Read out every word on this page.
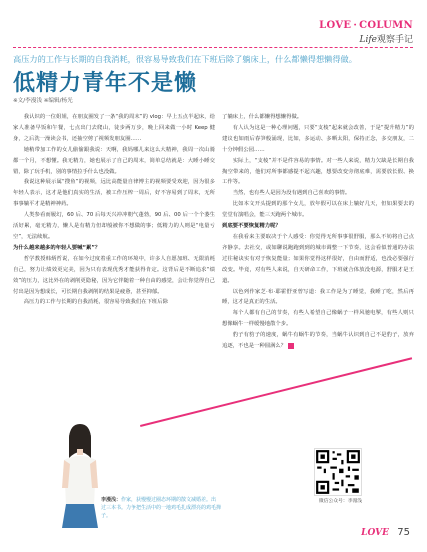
LOVE · COLUMN
Life观察手记
高压力的工作与长期的自我消耗，很容易导致我们在下班后除了躺床上，什么都懒得想懒得做。
低精力青年不是懒
※文/李漫浅 ※编辑/杨光

我认识的一位姐姐，在朋友圈发了一条“我的周末”的 vlog：早上五点半起床，给家人准备早饭和午餐，七点出门去爬山，徒步两万步，晚上回来做一小时 Keep 健身，之后洗一澡读会书，还抽空剪了视频发朋友圈……

她稍带加工作的女儿偷偷跟我说：天啊，我妈哪儿来这么大精神，我周一次山骑都一个月，不想懂。我无精力，她也展示了自己的周末，简单总结就是：大睡小睡交错，除了玩手机，别的事情拉手什么也没做。

我说这种展示属“搜鱼”的视频，远比高能量自律博主的视频要受欢迎，因为很多年轻人表示，这才是他们真实的生活，被工作压榨一周后，好不容易到了周末，无所事事躺平才是精神神药。

人类参看而履幻，60 后、70 后每天兴冲冲朝气蓬勃，90 后、00 后一个个萎生活好累，毫无精力，懒人是有精力但却般被你不想做的事；低精力的人则是“电量亏空”，无法续航。

为什么越来越多的年轻人要喊“累”？

哲学教授韩炳哲说，在如今过度着重工作的环境中，许多人自愿加班、无限消耗自己，努力让绩效更完美，因为只有表现优秀才能获得肯定。这背后是不断追求“绩效”的压力，这比外在的剥削更隐秘，因为它伴随着一种自由的感觉，会让你觉得自己付出是因为想成长，可长期自我剥削的结果是疲惫，甚至抑郁。

高压力的工作与长期的自我消耗，很容易导致我们在下班后除

了躺床上，什么都懒得想懒得做。

有人认为这是一种心理问题，只要“支棱”起来就会改善，于是“提升精力”的建议也如雨后春笋般涌现，比如，多运动、多晒太阳，保持正念，多交朋友，二十分钟假公园……

实际上，“支棱”并不是件容易的事情。对一些人来说，精力欠缺是长期自我掏空带来的，他们对所事都感提不起兴趣，想要改变旁彻底难，需要放长假、换工作等。

当然，也有些人是因为没有遇到自己喜欢的事情。

比如本文开头提到的那个女儿，放年假可以在床上躺好几天，但如果要去的堂堂有演唱会，能三天跑两个城市。

到底要不要恢复精力呢？

在我看来主要取决于个人感受：你觉得无所事事很舒服，那么不妨将自己点齐静享。去社交，或如聊说跑跑到到的城市调整一下节奏，这会看似普通的办法过往秘诀实有对于恢复能量；如果你觉得这样很好，自由而舒适，也没必要强行改变。毕竟，对有些人来说，自天研命工作，下班就合体放没电源，舒服才是王道。

以色列作家芝·布·耶霍舒亚曾写道：我工作是为了睡觉，我睡了吃，然后再睡，这才是真正的生活。

每个人都有自己的节奏，有些人希望自己像蜗子一样风驰电掣，有些人则只想像蜗牛一样缓慢地散个步。

豹子有豹子的速度，蜗牛有蜗牛的节奏，当蜗牛认识到自己不是豹子，放弃追逐，不也是一种圆满么？

李漫浅：作家，获慢慢过圈态环期的散文减婚差。出过三本书。力争把生活中的一地鸡毛扎成漂亮的鸡毛掸子。
微信公众号：李漫浅
LOVE 75
